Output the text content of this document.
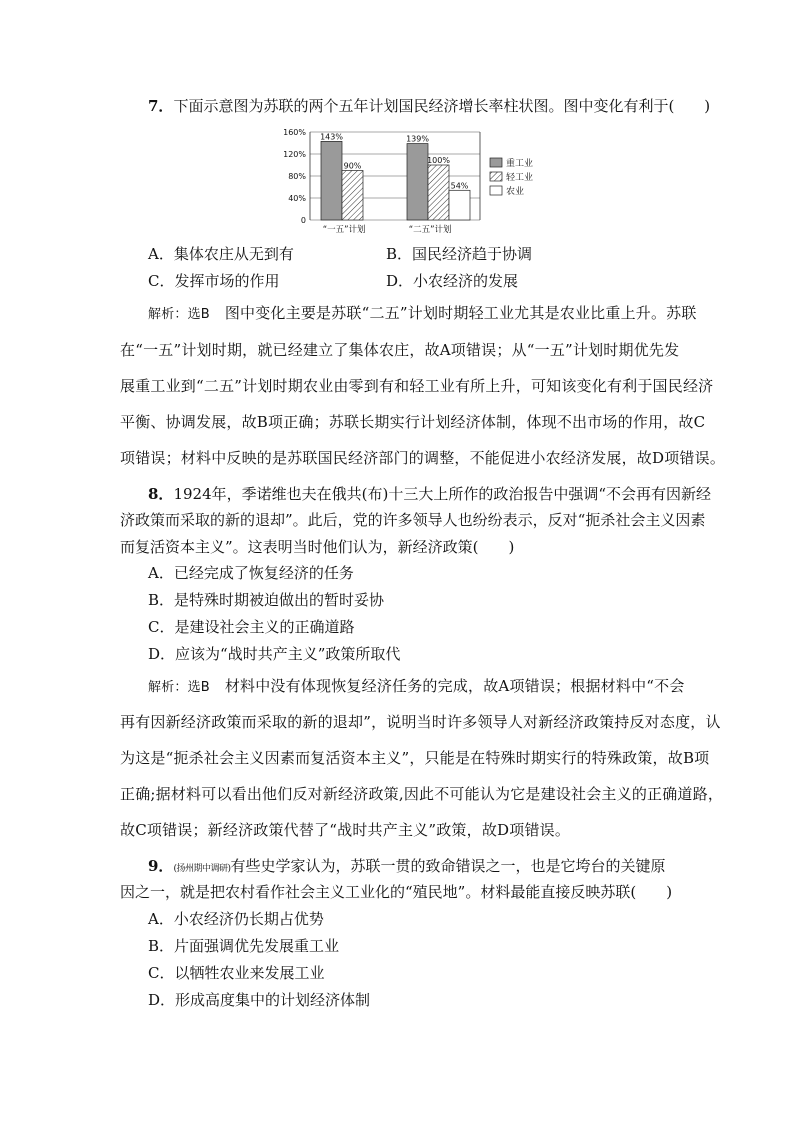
7．下面示意图为苏联的两个五年计划国民经济增长率柱状图。图中变化有利于(　　)
0
40%
80%
120%
160% 143%
90%
139%
100%
54%
“一五”计划	“二五”计划
重工业
轻工业
农业
A．集体农庄从无到有	B．国民经济趋于协调
C．发挥市场的作用	D．小农经济的发展
解析：选B 图中变化主要是苏联“二五”计划时期轻工业尤其是农业比重上升。苏联
在“一五”计划时期，就已经建立了集体农庄，故A项错误；从“一五”计划时期优先发
展重工业到“二五”计划时期农业由零到有和轻工业有所上升，可知该变化有利于国民经济
平衡、协调发展，故B项正确；苏联长期实行计划经济体制，体现不出市场的作用，故C
项错误；材料中反映的是苏联国民经济部门的调整，不能促进小农经济发展，故D项错误。
8．1924年，季诺维也夫在俄共(布)十三大上所作的政治报告中强调“不会再有因新经
济政策而采取的新的退却”。此后，党的许多领导人也纷纷表示，反对“扼杀社会主义因素
而复活资本主义”。这表明当时他们认为，新经济政策(　　)
A．已经完成了恢复经济的任务
B．是特殊时期被迫做出的暂时妥协
C．是建设社会主义的正确道路
D．应该为“战时共产主义”政策所取代
解析：选B 材料中没有体现恢复经济任务的完成，故A项错误；根据材料中“不会
再有因新经济政策而采取的新的退却”，说明当时许多领导人对新经济政策持反对态度，认
为这是“扼杀社会主义因素而复活资本主义”，只能是在特殊时期实行的特殊政策，故B项
正确;据材料可以看出他们反对新经济政策,因此不可能认为它是建设社会主义的正确道路，
故C项错误；新经济政策代替了“战时共产主义”政策，故D项错误。
9．(扬州期中调研)有些史学家认为，苏联一贯的致命错误之一，也是它垮台的关键原
因之一，就是把农村看作社会主义工业化的“殖民地”。材料最能直接反映苏联(　　)
A．小农经济仍长期占优势
B．片面强调优先发展重工业
C．以牺牲农业来发展工业
D．形成高度集中的计划经济体制
